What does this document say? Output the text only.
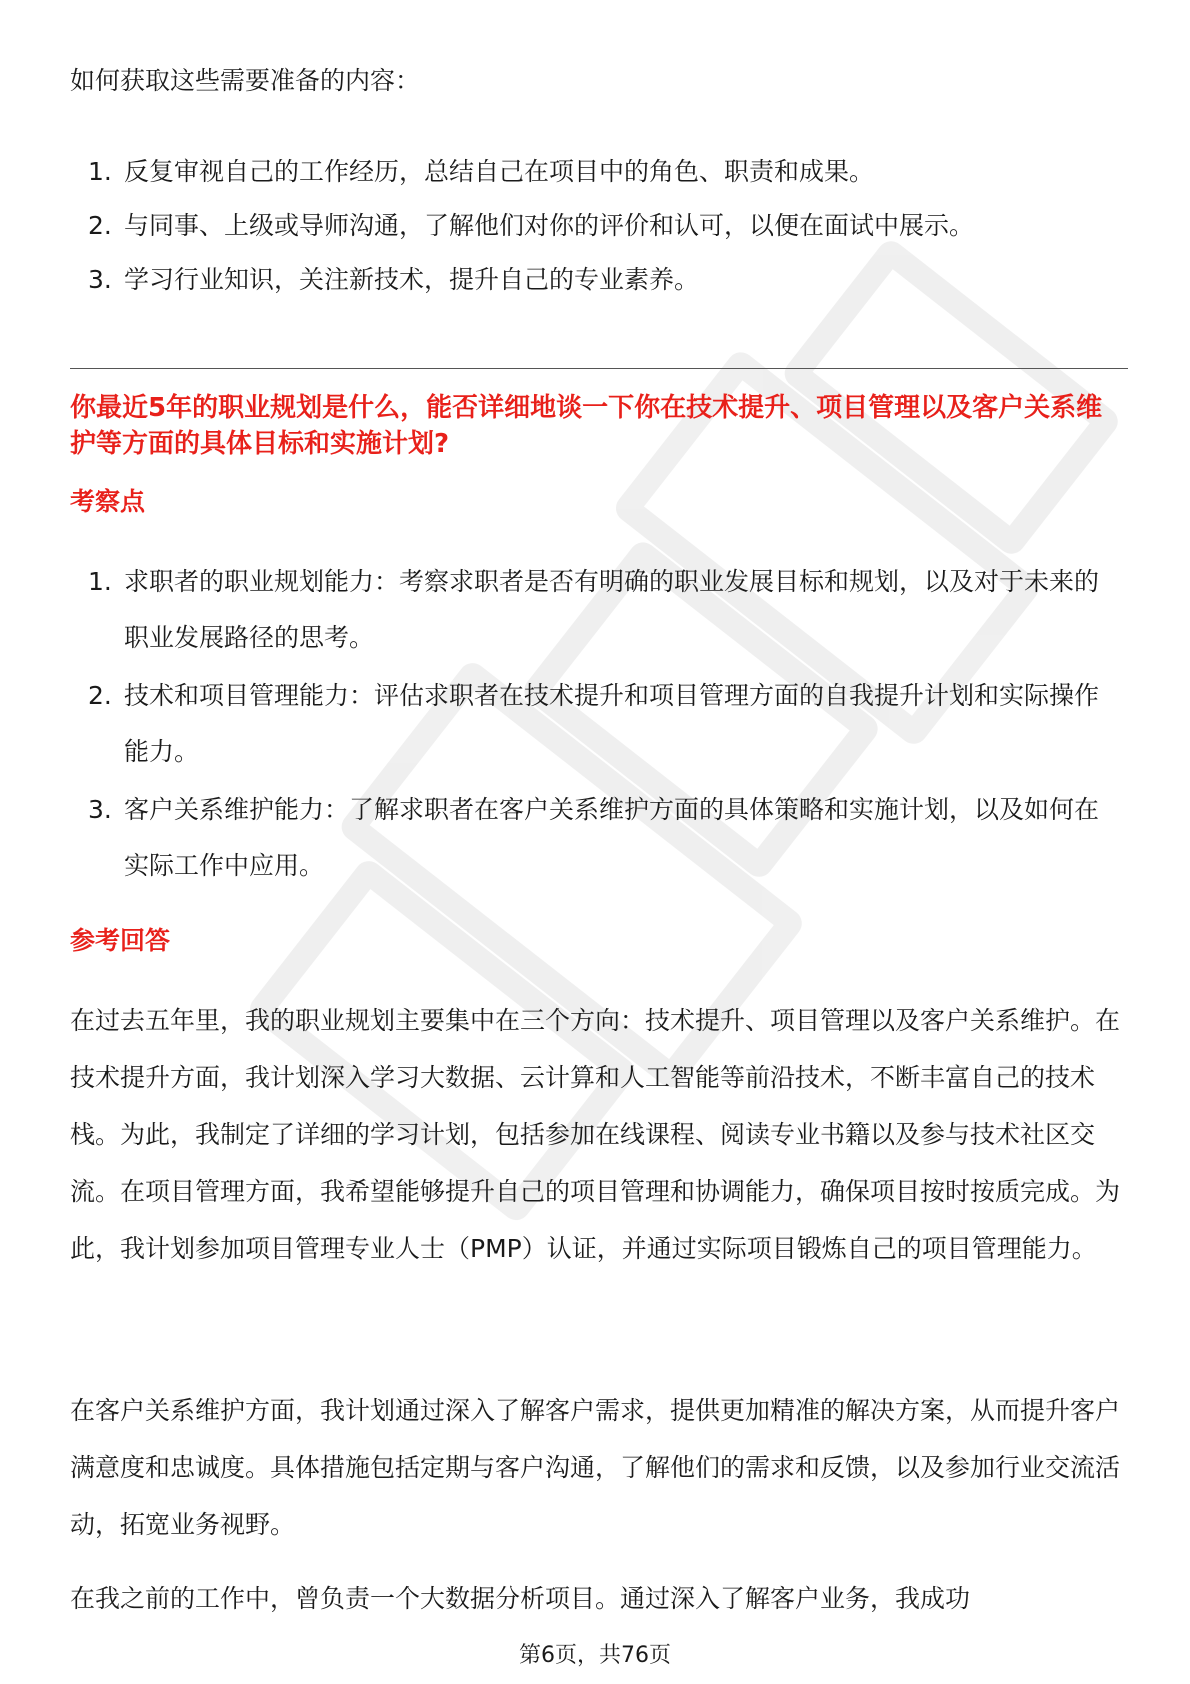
如何获取这些需要准备的内容：
1. 反复审视自己的工作经历，总结自己在项目中的角色、职责和成果。
2. 与同事、上级或导师沟通，了解他们对你的评价和认可，以便在面试中展示。
3. 学习行业知识，关注新技术，提升自己的专业素养。
你最近5年的职业规划是什么，能否详细地谈一下你在技术提升、项目管理以及客户关系维护等方面的具体目标和实施计划?
考察点
1. 求职者的职业规划能力：考察求职者是否有明确的职业发展目标和规划，以及对于未来的职业发展路径的思考。
2. 技术和项目管理能力：评估求职者在技术提升和项目管理方面的自我提升计划和实际操作能力。
3. 客户关系维护能力：了解求职者在客户关系维护方面的具体策略和实施计划，以及如何在实际工作中应用。
参考回答
在过去五年里，我的职业规划主要集中在三个方向：技术提升、项目管理以及客户关系维护。在技术提升方面，我计划深入学习大数据、云计算和人工智能等前沿技术，不断丰富自己的技术栈。为此，我制定了详细的学习计划，包括参加在线课程、阅读专业书籍以及参与技术社区交流。在项目管理方面，我希望能够提升自己的项目管理和协调能力，确保项目按时按质完成。为此，我计划参加项目管理专业人士（PMP）认证，并通过实际项目锻炼自己的项目管理能力。
在客户关系维护方面，我计划通过深入了解客户需求，提供更加精准的解决方案，从而提升客户满意度和忠诚度。具体措施包括定期与客户沟通，了解他们的需求和反馈，以及参加行业交流活动，拓宽业务视野。
在我之前的工作中，曾负责一个大数据分析项目。通过深入了解客户业务，我成功
第6页，共76页
